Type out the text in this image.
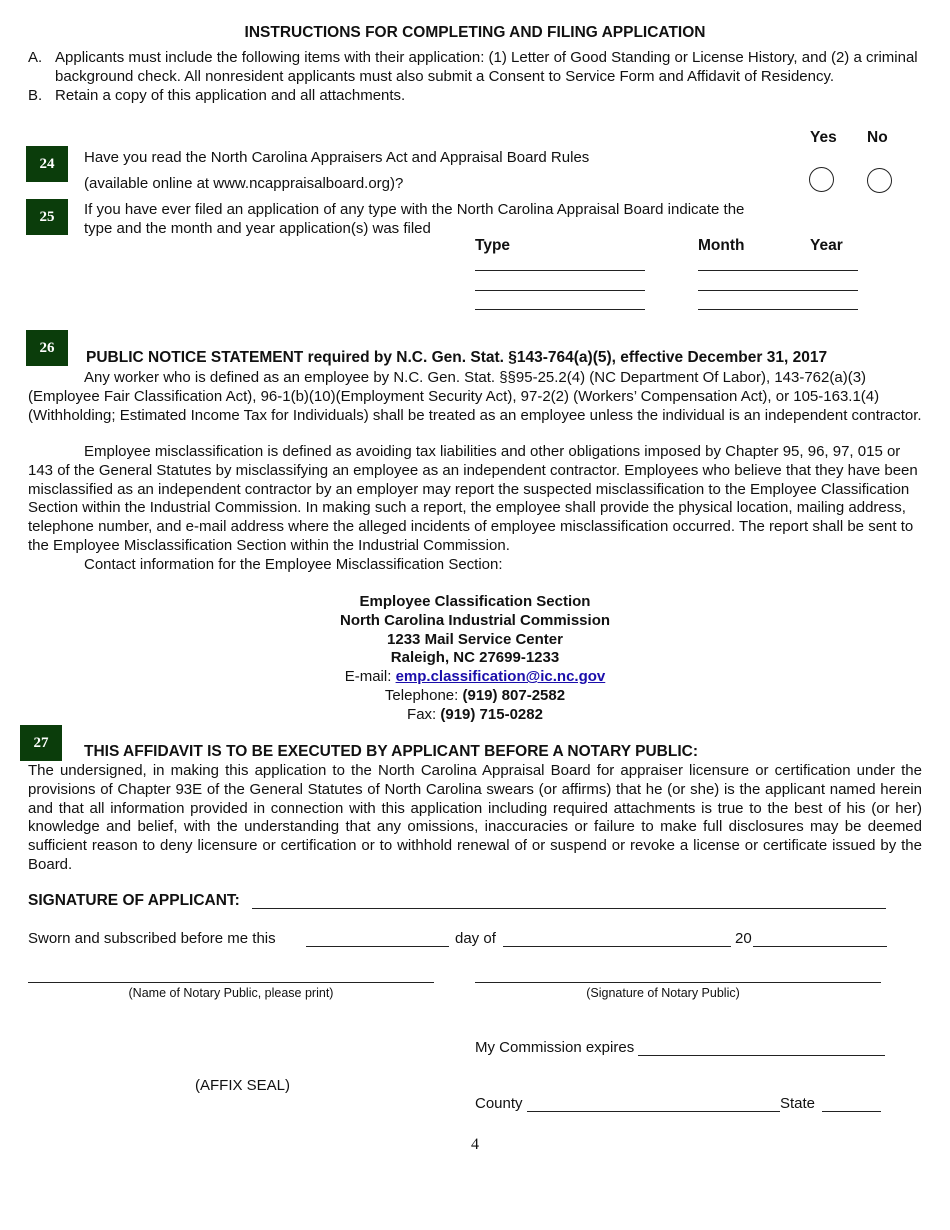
INSTRUCTIONS FOR COMPLETING AND FILING APPLICATION
A. Applicants must include the following items with their application: (1) Letter of Good Standing or License History, and (2) a criminal background check. All nonresident applicants must also submit a Consent to Service Form and Affidavit of Residency.
B. Retain a copy of this application and all attachments.
Yes No
24	Have you read the North Carolina Appraisers Act and Appraisal Board Rules
(available online at www.ncappraisalboard.org)?
25	If you have ever filed an application of any type with the North Carolina Appraisal Board indicate the type and the month and year application(s) was filed
Type	Month	Year
26
PUBLIC NOTICE STATEMENT required by N.C. Gen. Stat. §143-764(a)(5), effective December 31, 2017
Any worker who is defined as an employee by N.C. Gen. Stat. §§95-25.2(4) (NC Department Of Labor), 143-762(a)(3) (Employee Fair Classification Act), 96-1(b)(10)(Employment Security Act), 97-2(2) (Workers’ Compensation Act), or 105-163.1(4) (Withholding; Estimated Income Tax for Individuals) shall be treated as an employee unless the individual is an independent contractor.
Employee misclassification is defined as avoiding tax liabilities and other obligations imposed by Chapter 95, 96, 97, 015 or 143 of the General Statutes by misclassifying an employee as an independent contractor. Employees who believe that they have been misclassified as an independent contractor by an employer may report the suspected misclassification to the Employee Classification Section within the Industrial Commission. In making such a report, the employee shall provide the physical location, mailing address, telephone number, and e-mail address where the alleged incidents of employee misclassification occurred. The report shall be sent to the Employee Misclassification Section within the Industrial Commission.
Contact information for the Employee Misclassification Section:
Employee Classification Section
North Carolina Industrial Commission
1233 Mail Service Center
Raleigh, NC 27699-1233
E-mail: emp.classification@ic.nc.gov
Telephone: (919) 807-2582
Fax: (919) 715-0282
27
THIS AFFIDAVIT IS TO BE EXECUTED BY APPLICANT BEFORE A NOTARY PUBLIC:
The undersigned, in making this application to the North Carolina Appraisal Board for appraiser licensure or certification under the provisions of Chapter 93E of the General Statutes of North Carolina swears (or affirms) that he (or she) is the applicant named herein and that all information provided in connection with this application including required attachments is true to the best of his (or her) knowledge and belief, with the understanding that any omissions, inaccuracies or failure to make full disclosures may be deemed sufficient reason to deny licensure or certification or to withhold renewal of or suspend or revoke a license or certificate issued by the Board.
SIGNATURE OF APPLICANT:
Sworn and subscribed before me this	day of	20
(Name of Notary Public, please print)	(Signature of Notary Public)
My Commission expires
(AFFIX SEAL)
County	State
4
